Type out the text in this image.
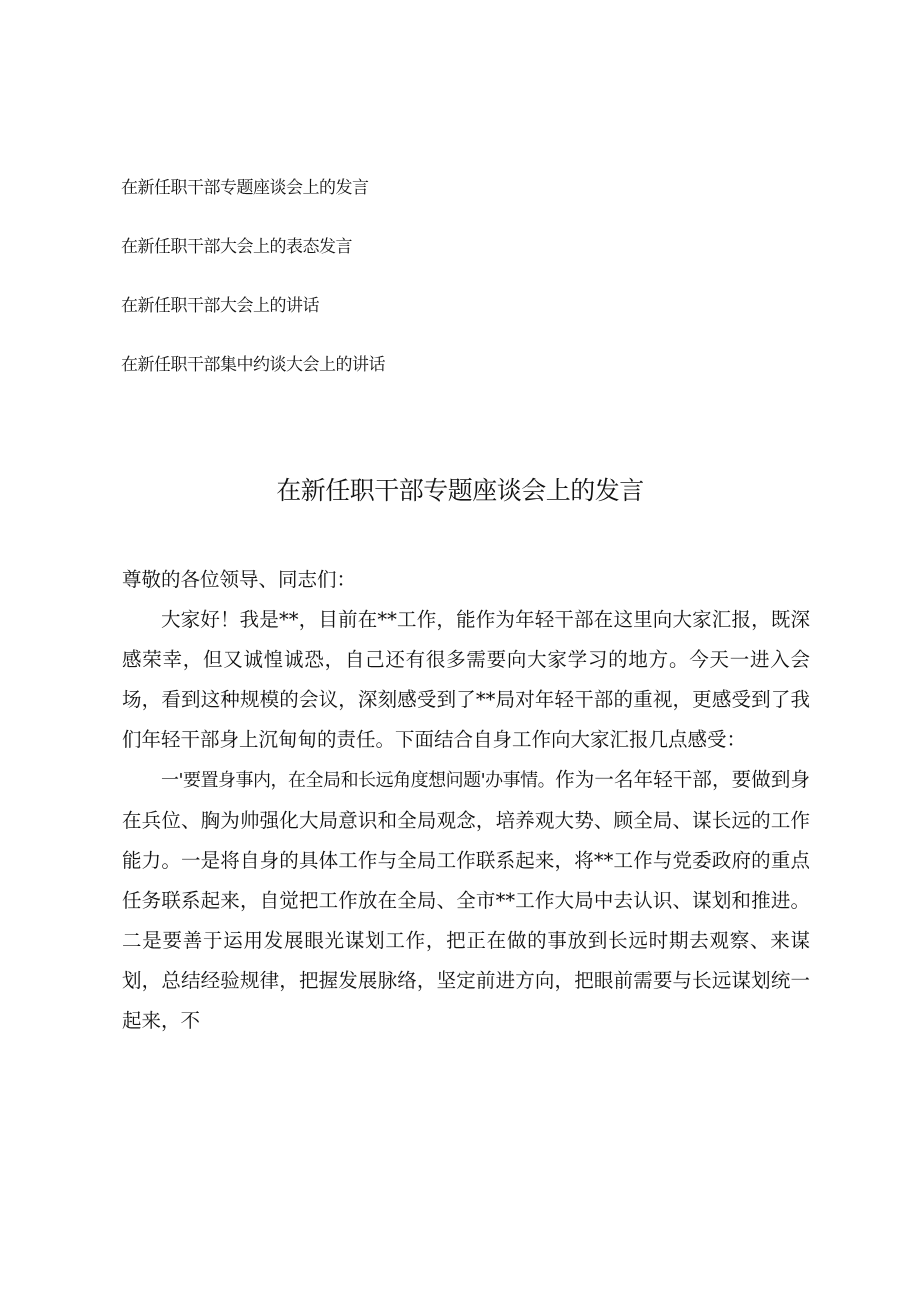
在新任职干部专题座谈会上的发言
在新任职干部大会上的表态发言
在新任职干部大会上的讲话
在新任职干部集中约谈大会上的讲话
在新任职干部专题座谈会上的发言

尊敬的各位领导、同志们：

大家好！我是**，目前在**工作，能作为年轻干部在这里向大家汇报，既深感荣幸，但又诚惶诚恐，自己还有很多需要向大家学习的地方。今天一进入会场，看到这种规模的会议，深刻感受到了**局对年轻干部的重视，更感受到了我们年轻干部身上沉甸甸的责任。下面结合自身工作向大家汇报几点感受：

一'要置身事内，在全局和长远角度想问题'办事情。作为一名年轻干部，要做到身在兵位、胸为帅强化大局意识和全局观念，培养观大势、顾全局、谋长远的工作能力。一是将自身的具体工作与全局工作联系起来，将**工作与党委政府的重点任务联系起来，自觉把工作放在全局、全市**工作大局中去认识、谋划和推进。二是要善于运用发展眼光谋划工作，把正在做的事放到长远时期去观察、来谋划，总结经验规律，把握发展脉络，坚定前进方向，把眼前需要与长远谋划统一起来，不
